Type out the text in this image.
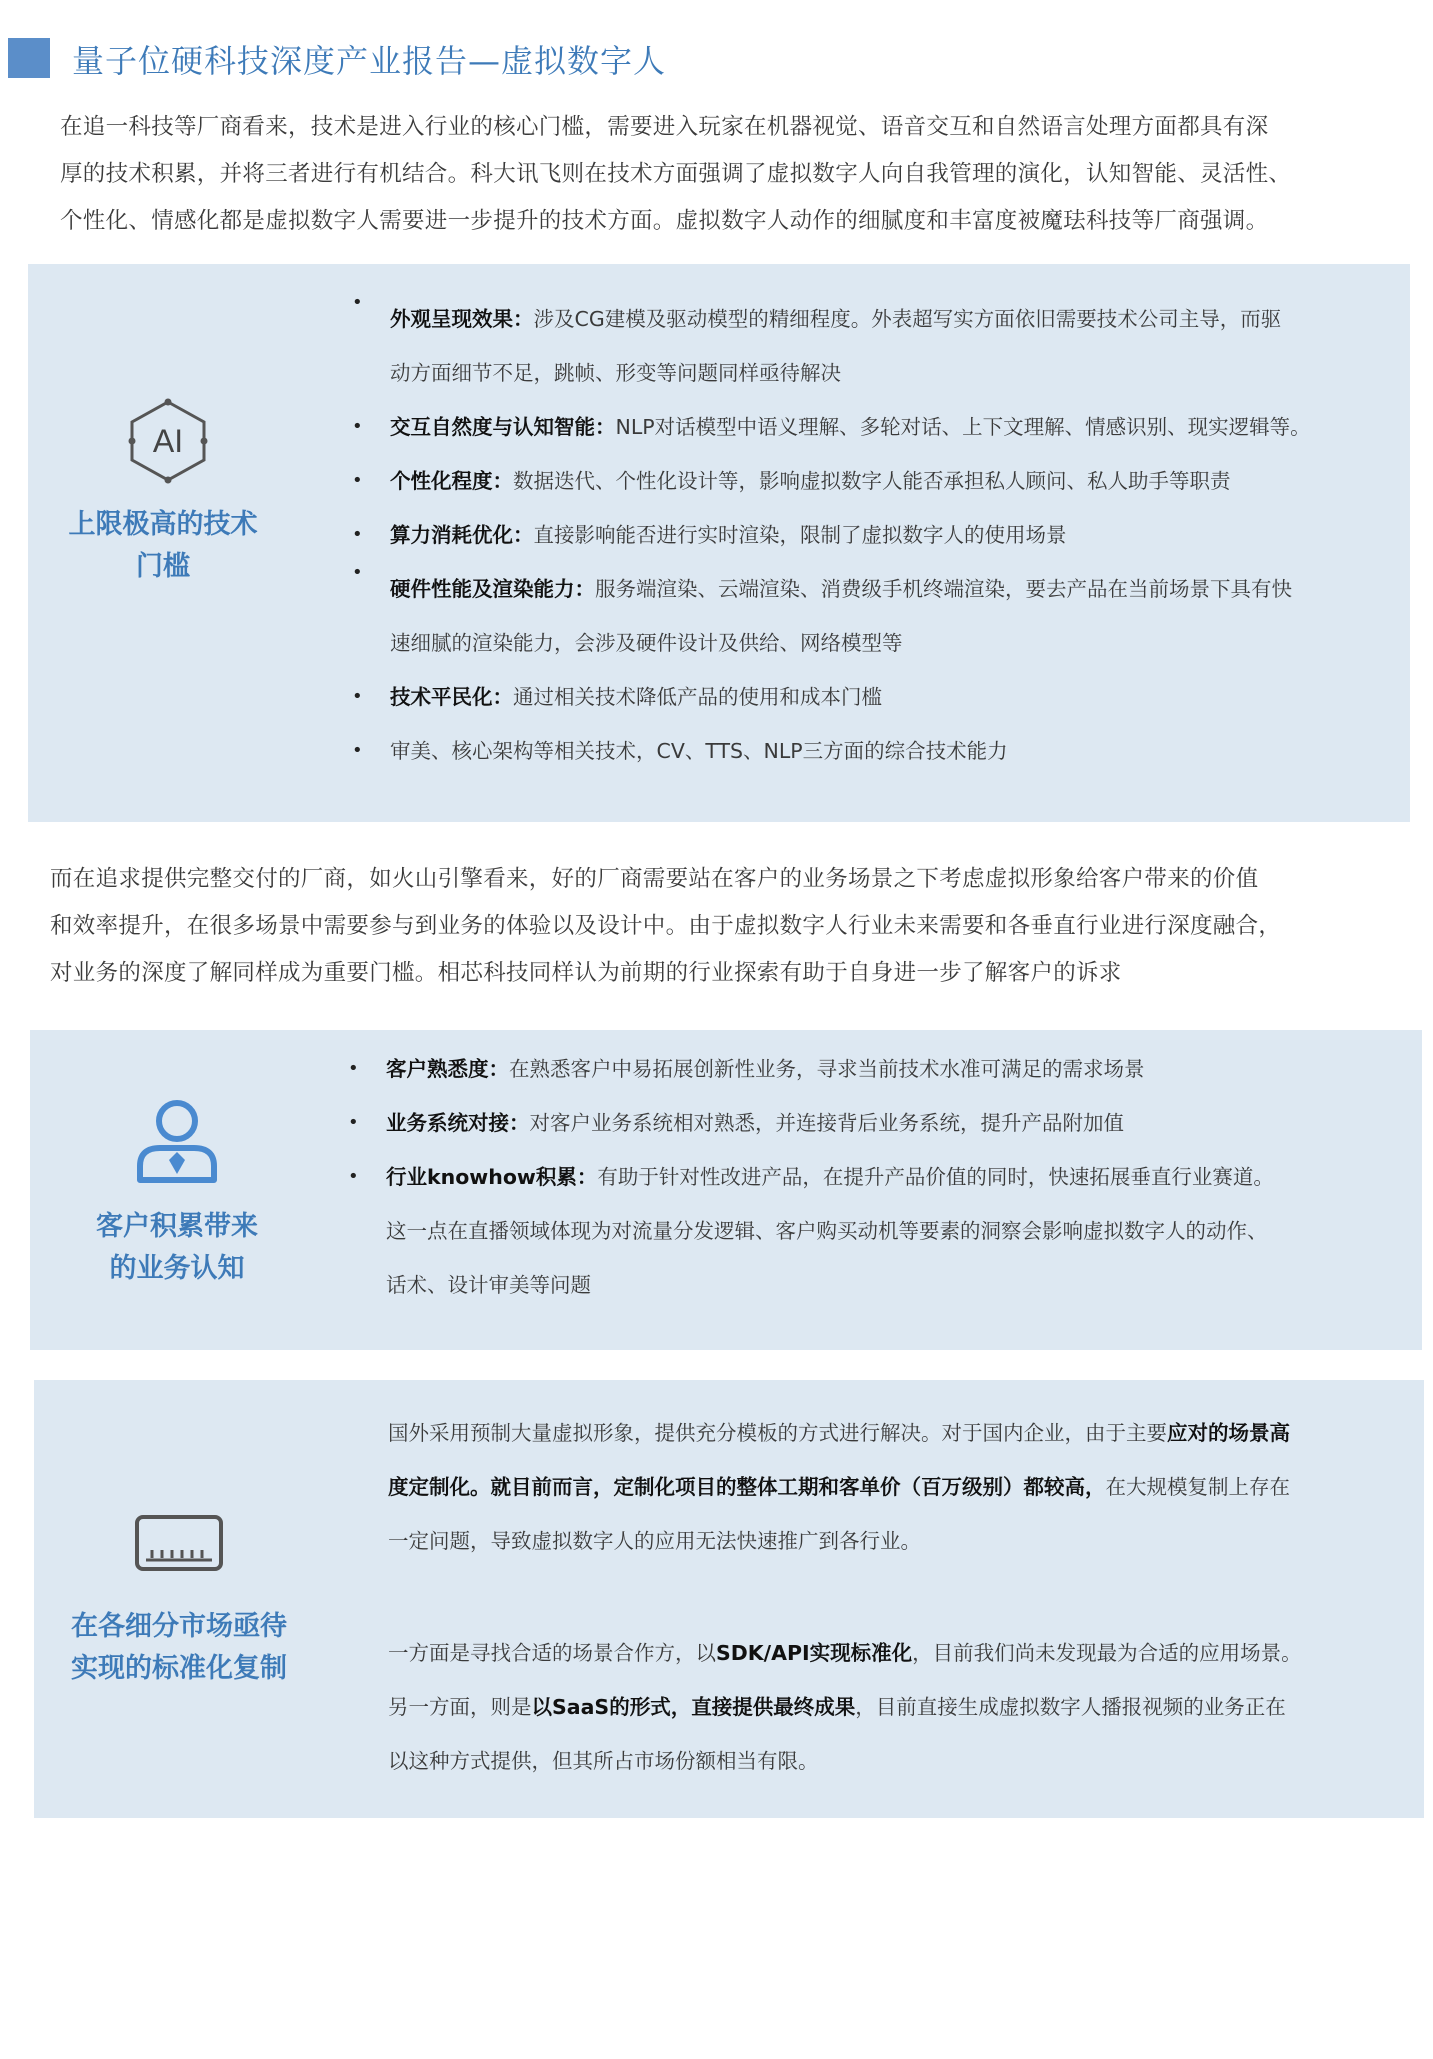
量子位硬科技深度产业报告—虚拟数字人

在追一科技等厂商看来，技术是进入行业的核心门槛，需要进入玩家在机器视觉、语音交互和自然语言处理方面都具有深

厚的技术积累，并将三者进行有机结合。科大讯飞则在技术方面强调了虚拟数字人向自我管理的演化，认知智能、灵活性、

个性化、情感化都是虚拟数字人需要进一步提升的技术方面。虚拟数字人动作的细腻度和丰富度被魔珐科技等厂商强调。

AI
上限极高的技术
门槛
•
外观呈现效果：涉及CG建模及驱动模型的精细程度。外表超写实方面依旧需要技术公司主导，而驱
动方面细节不足，跳帧、形变等问题同样亟待解决
• 交互自然度与认知智能：NLP对话模型中语义理解、多轮对话、上下文理解、情感识别、现实逻辑等。
• 个性化程度：数据迭代、个性化设计等，影响虚拟数字人能否承担私人顾问、私人助手等职责
• 算力消耗优化：直接影响能否进行实时渲染，限制了虚拟数字人的使用场景
•
硬件性能及渲染能力：服务端渲染、云端渲染、消费级手机终端渲染，要去产品在当前场景下具有快
速细腻的渲染能力，会涉及硬件设计及供给、网络模型等
• 技术平民化：通过相关技术降低产品的使用和成本门槛
• 审美、核心架构等相关技术，CV、TTS、NLP三方面的综合技术能力

而在追求提供完整交付的厂商，如火山引擎看来，好的厂商需要站在客户的业务场景之下考虑虚拟形象给客户带来的价值

和效率提升，在很多场景中需要参与到业务的体验以及设计中。由于虚拟数字人行业未来需要和各垂直行业进行深度融合，

对业务的深度了解同样成为重要门槛。相芯科技同样认为前期的行业探索有助于自身进一步了解客户的诉求

客户积累带来
的业务认知
• 客户熟悉度：在熟悉客户中易拓展创新性业务，寻求当前技术水准可满足的需求场景
• 业务系统对接：对客户业务系统相对熟悉，并连接背后业务系统，提升产品附加值
• 行业knowhow积累：有助于针对性改进产品，在提升产品价值的同时，快速拓展垂直行业赛道。
这一点在直播领域体现为对流量分发逻辑、客户购买动机等要素的洞察会影响虚拟数字人的动作、
话术、设计审美等问题
在各细分市场亟待
实现的标准化复制
国外采用预制大量虚拟形象，提供充分模板的方式进行解决。对于国内企业，由于主要应对的场景高
度定制化。就目前而言，定制化项目的整体工期和客单价（百万级别）都较高，在大规模复制上存在
一定问题，导致虚拟数字人的应用无法快速推广到各行业。
一方面是寻找合适的场景合作方，以SDK/API实现标准化，目前我们尚未发现最为合适的应用场景。
另一方面，则是以SaaS的形式，直接提供最终成果，目前直接生成虚拟数字人播报视频的业务正在
以这种方式提供，但其所占市场份额相当有限。
